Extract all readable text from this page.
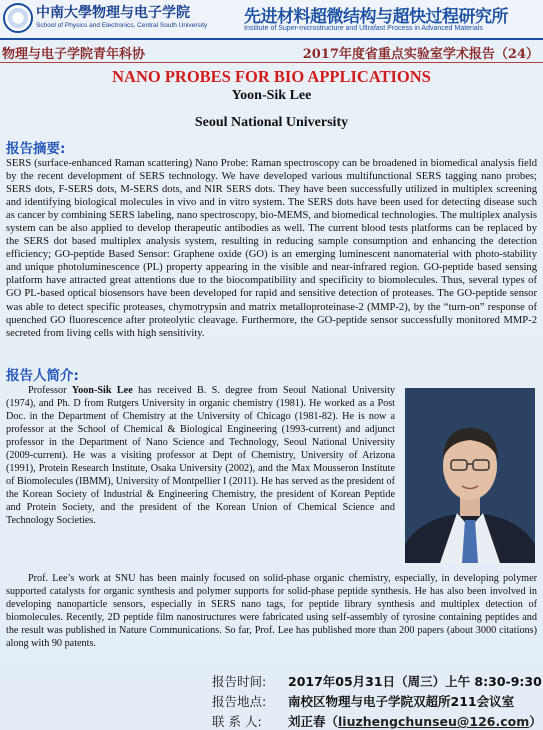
中南大學物理与电子学院
School of Physics and Electronics, Central South University 先进材料超微结构与超快过程研究所
Institute of Super-microstructure and Ultrafast Process in Advanced Materials
物理与电子学院青年科协	2017年度省重点实验室学术报告（24）
NANO PROBES FOR BIO APPLICATIONS
Yoon-Sik Lee
Seoul National University
报告摘要:
SERS (surface-enhanced Raman scattering) Nano Probe: Raman spectroscopy can be broadened in biomedical analysis field by the recent development of SERS technology. We have developed various multifunctional SERS tagging nano probes; SERS dots, F-SERS dots, M-SERS dots, and NIR SERS dots. They have been successfully utilized in multiplex screening and identifying biological molecules in vivo and in vitro system. The SERS dots have been used for detecting disease such as cancer by combining SERS labeling, nano spectroscopy, bio-MEMS, and biomedical technologies. The multiplex analysis system can be also applied to develop therapeutic antibodies as well. The current blood tests platforms can be replaced by the SERS dot based multiplex analysis system, resulting in reducing sample consumption and enhancing the detection efficiency; GO-peptide Based Sensor: Graphene oxide (GO) is an emerging luminescent nanomaterial with photo-stability and unique photoluminescence (PL) property appearing in the visible and near-infrared region. GO-peptide based sensing platform have attracted great attentions due to the biocompatibility and specificity to biomolecules. Thus, several types of GO PL-based optical biosensors have been developed for rapid and sensitive detection of proteases. The GO-peptide sensor was able to detect specific proteases, chymotrypsin and matrix metalloproteinase-2 (MMP-2), by the “turn-on” response of quenched GO fluorescence after proteolytic cleavage. Furthermore, the GO-peptide sensor successfully monitored MMP-2 secreted from living cells with high sensitivity.
报告人简介:
Professor Yoon-Sik Lee has received B. S. degree from Seoul National University (1974), and Ph. D from Rutgers University in organic chemistry (1981). He worked as a Post Doc. in the Department of Chemistry at the University of Chicago (1981-82). He is now a professor at the School of Chemical & Biological Engineering (1993-current) and adjunct professor in the Department of Nano Science and Technology, Seoul National University (2009-current). He was a visiting professor at Dept of Chemistry, University of Arizona (1991), Protein Research Institute, Osaka University (2002), and the Max Mousseron Institute of Biomolecules (IBMM), University of Montpellier I (2011). He has served as the president of the Korean Society of Industrial & Engineering Chemistry, the president of Korean Peptide and Protein Society, and the president of the Korean Union of Chemical Science and Technology Societies.
Prof. Lee’s work at SNU has been mainly focused on solid-phase organic chemistry, especially, in developing polymer supported catalysts for organic synthesis and polymer supports for solid-phase peptide synthesis. He has also been involved in developing nanoparticle sensors, especially in SERS nano tags, for peptide library synthesis and multiplex detection of biomolecules. Recently, 2D peptide film nanostructures were fabricated using self-assembly of tyrosine containing peptides and the result was published in Nature Communications. So far, Prof. Lee has published more than 200 papers (about 3000 citations) along with 90 patents.
报告时间: 2017年05月31日（周三）上午 8:30-9:30
报告地点: 南校区物理与电子学院双超所211会议室
联 系 人: 刘正春（liuzhengchunseu@126.com）
